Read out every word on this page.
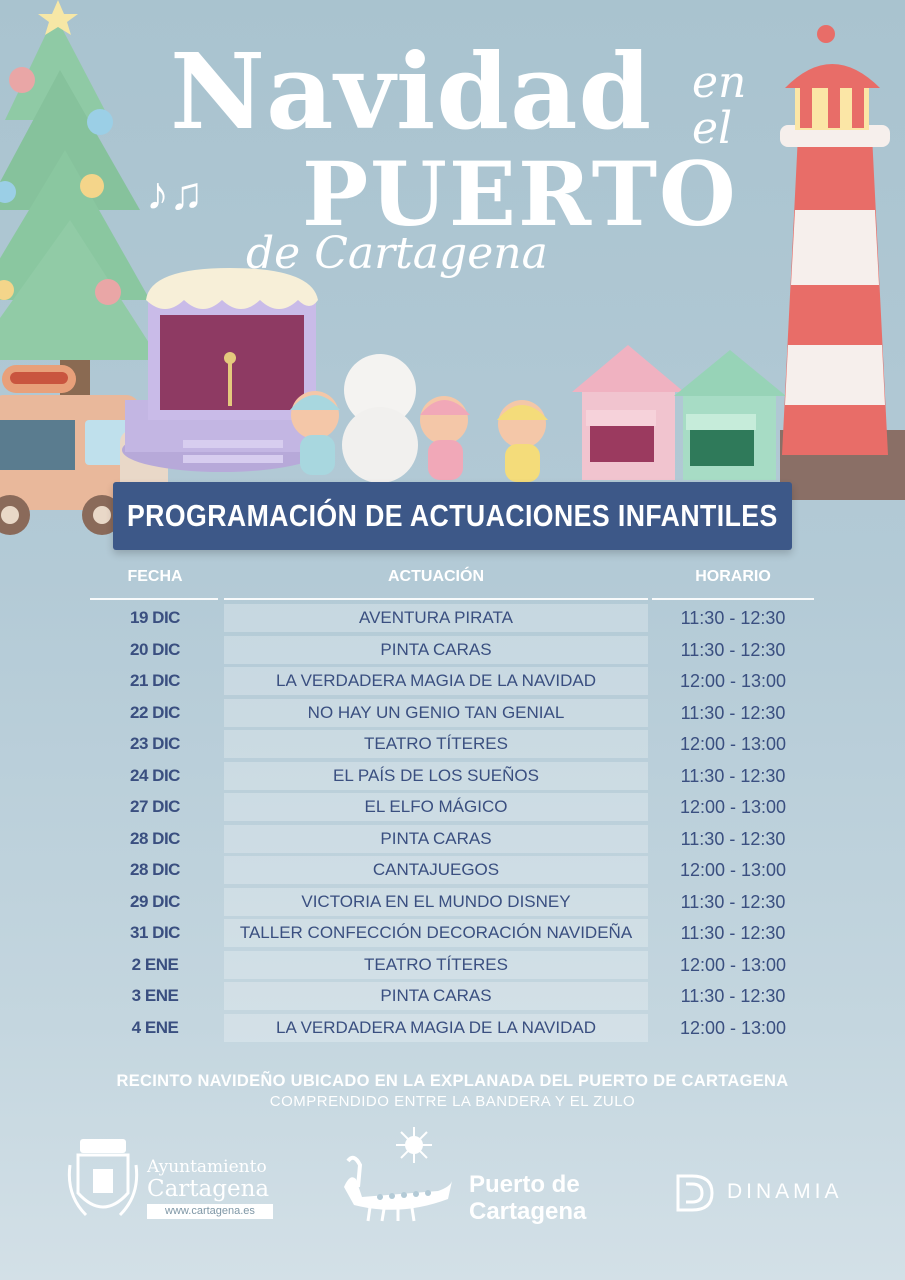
Navidad en el
♪♫ PUERTO
de Cartagena
PROGRAMACIÓN DE ACTUACIONES INFANTILES
FECHA	ACTUACIÓN	HORARIO
19 DIC	AVENTURA PIRATA	11:30 - 12:30
20 DIC	PINTA CARAS	11:30 - 12:30
21 DIC	LA VERDADERA MAGIA DE LA NAVIDAD	12:00 - 13:00
22 DIC	NO HAY UN GENIO TAN GENIAL	11:30 - 12:30
23 DIC	TEATRO TÍTERES	12:00 - 13:00
24 DIC	EL PAÍS DE LOS SUEÑOS	11:30 - 12:30
27 DIC	EL ELFO MÁGICO	12:00 - 13:00
28 DIC	PINTA CARAS	11:30 - 12:30
28 DIC	CANTAJUEGOS	12:00 - 13:00
29 DIC	VICTORIA EN EL MUNDO DISNEY	11:30 - 12:30
31 DIC	TALLER CONFECCIÓN DECORACIÓN NAVIDEÑA	11:30 - 12:30
2 ENE	TEATRO TÍTERES	12:00 - 13:00
3 ENE	PINTA CARAS	11:30 - 12:30
4 ENE	LA VERDADERA MAGIA DE LA NAVIDAD	12:00 - 13:00
RECINTO NAVIDEÑO UBICADO EN LA EXPLANADA DEL PUERTO DE CARTAGENA
COMPRENDIDO ENTRE LA BANDERA Y EL ZULO
Ayuntamiento
Cartagena
www.cartagena.es
Puerto de
Cartagena
DINAMIA
